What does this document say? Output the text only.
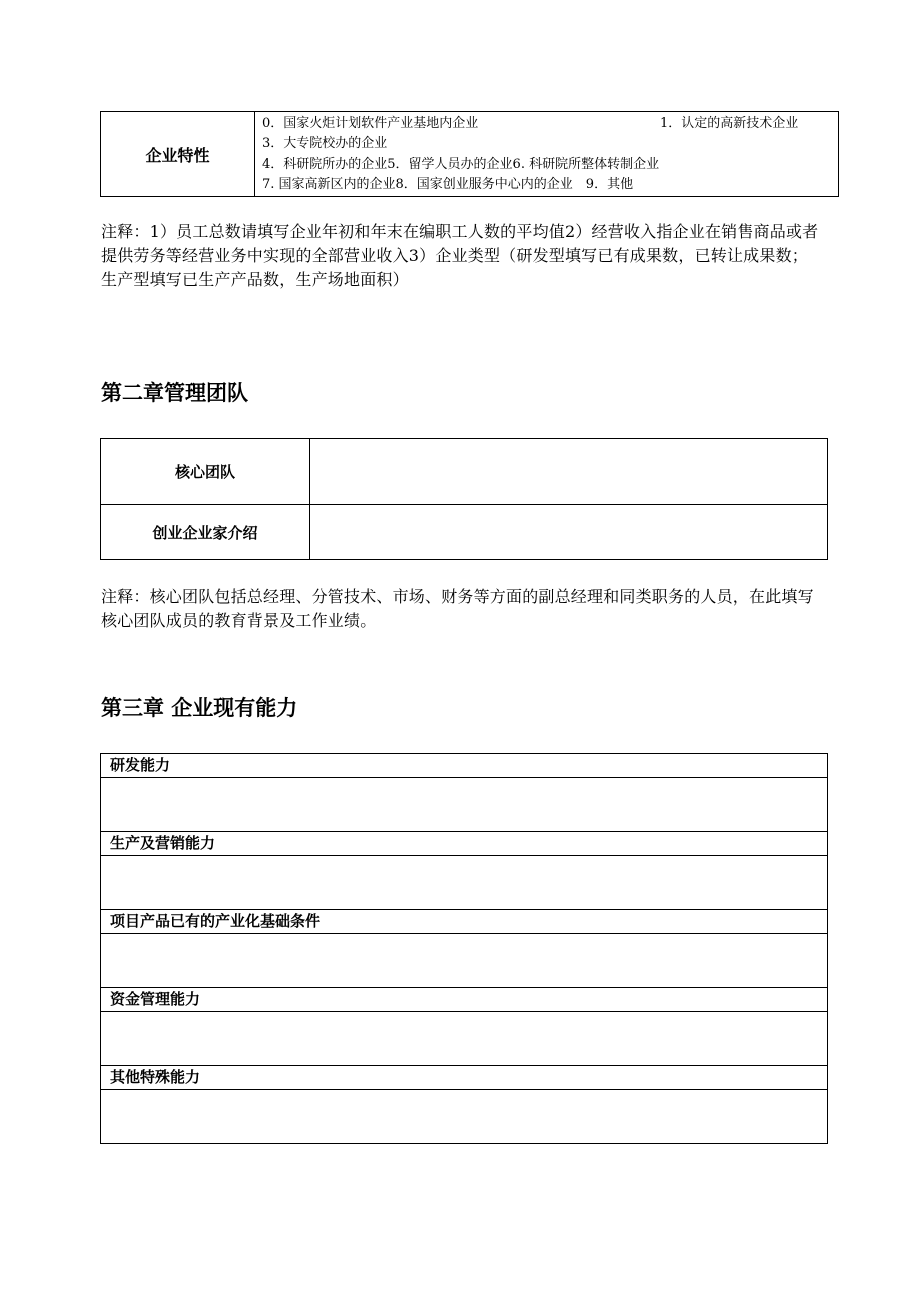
企业特性	
0．国家火炬计划软件产业基地内企业	1．认定的高新技术企业
3．大专院校办的企业
4．科研院所办的企业5．留学人员办的企业6. 科研院所整体转制企业
7. 国家高新区内的企业8．国家创业服务中心内的企业　9．其他
注释：1）员工总数请填写企业年初和年末在编职工人数的平均值2）经营收入指企业在销售商品或者提供劳务等经营业务中实现的全部营业收入3）企业类型（研发型填写已有成果数，已转让成果数；生产型填写已生产产品数，生产场地面积）
第二章管理团队
核心团队	
创业企业家介绍	
注释：核心团队包括总经理、分管技术、市场、财务等方面的副总经理和同类职务的人员，在此填写核心团队成员的教育背景及工作业绩。
第三章 企业现有能力
研发能力

生产及营销能力

项目产品已有的产业化基础条件

资金管理能力

其他特殊能力
